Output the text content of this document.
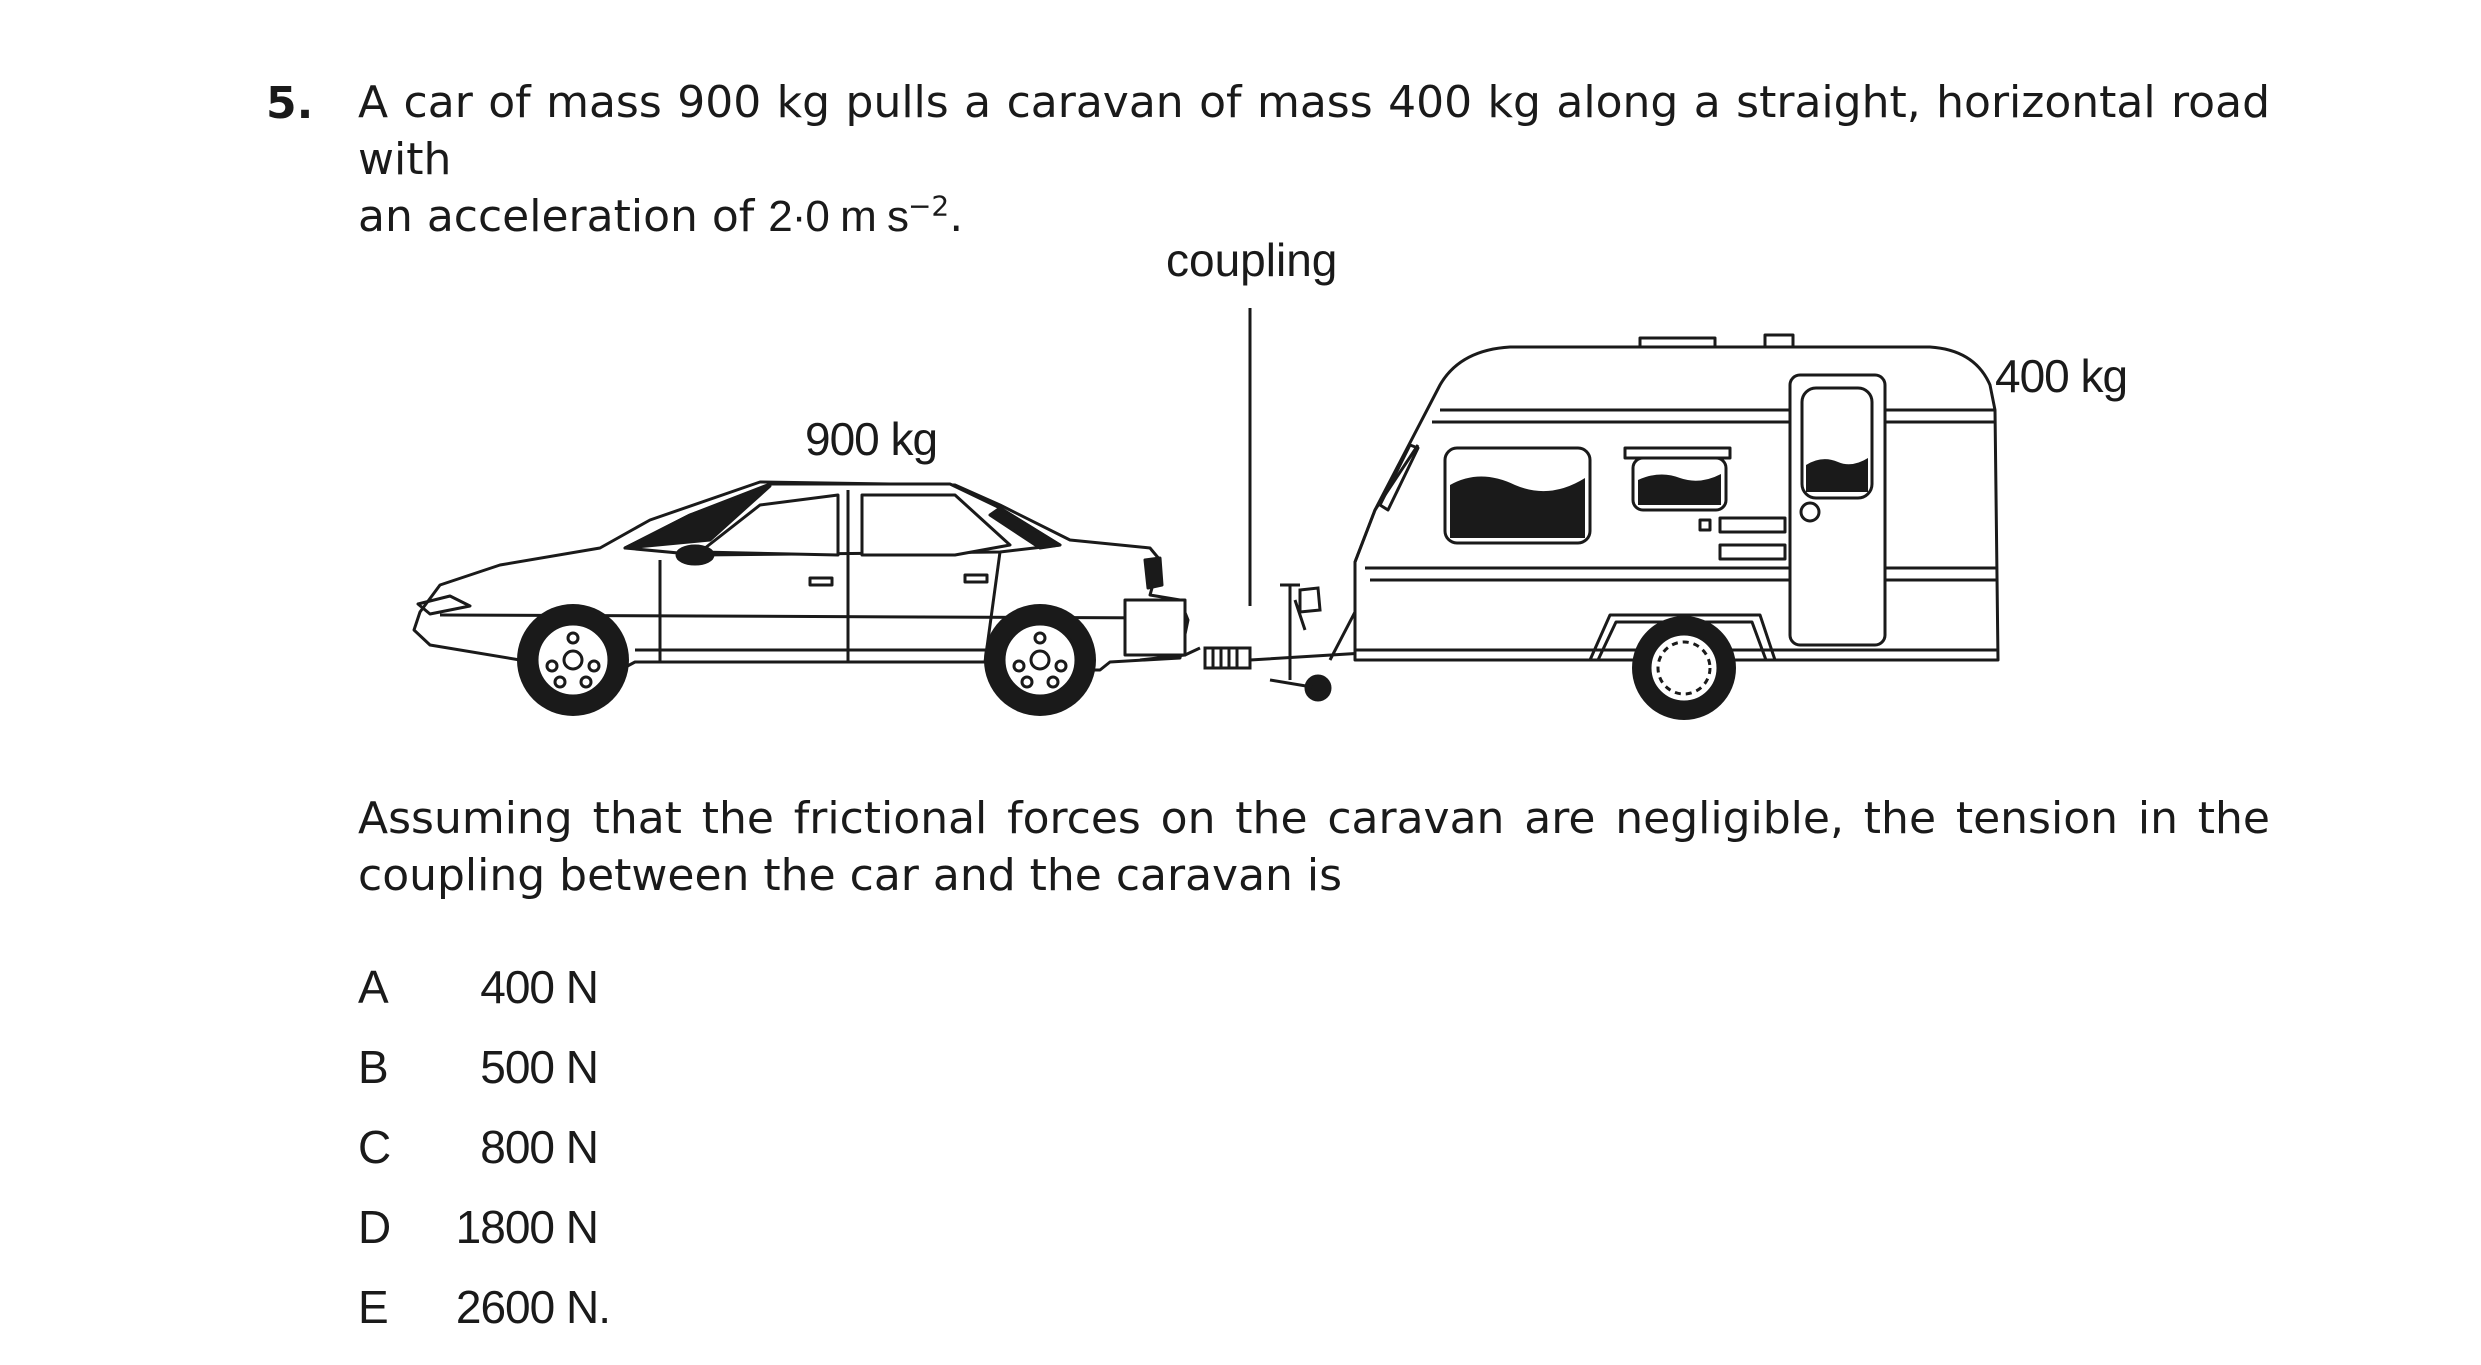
5. A car of mass 900 kg pulls a caravan of mass 400 kg along a straight, horizontal road with
an acceleration of 2·0 m $s^{-2}$.
coupling
900 kg
400 kg
Assuming that the frictional forces on the caravan are negligible, the tension in the
coupling between the car and the caravan is
A	400 N
B	500 N
C	800 N
D	1800 N
E	2600 N.
